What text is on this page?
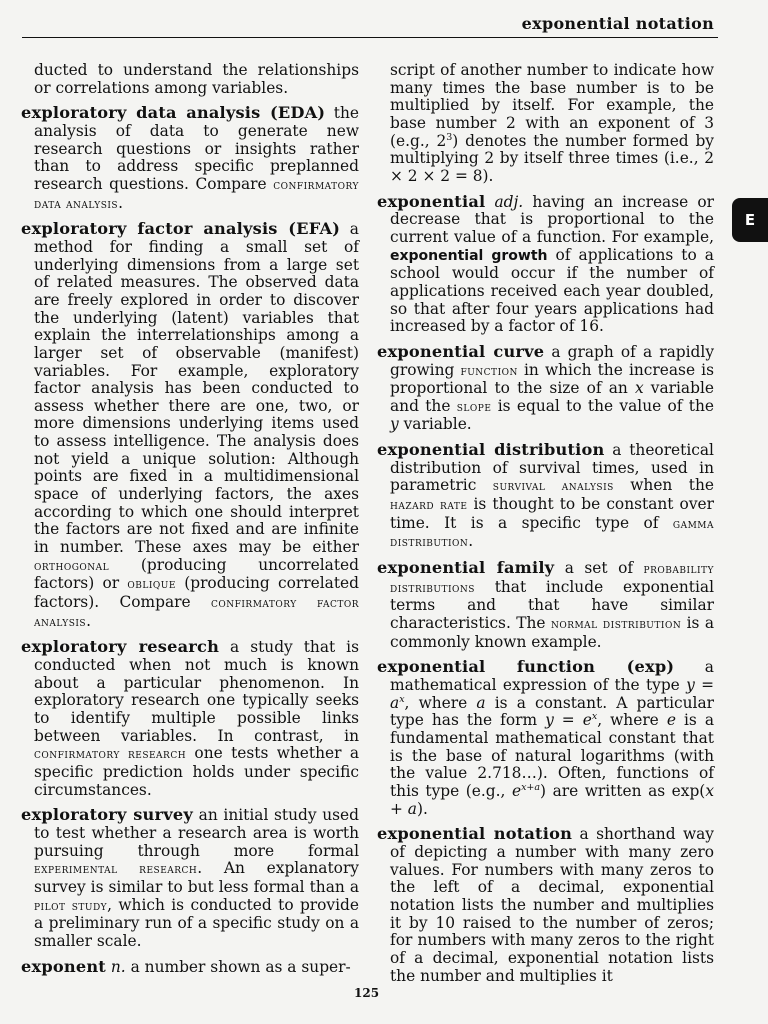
exponential notation
E

ducted to understand the relationships or correlations among variables.

exploratory data analysis (EDA) the analysis of data to generate new research questions or insights rather than to address specific preplanned research questions. Compare confirmatory data analysis.

exploratory factor analysis (EFA) a method for finding a small set of underlying dimensions from a large set of related measures. The observed data are freely explored in order to discover the underlying (latent) variables that explain the interrelationships among a larger set of observable (manifest) variables. For example, exploratory factor analysis has been conducted to assess whether there are one, two, or more dimensions underlying items used to assess intelligence. The analysis does not yield a unique solution: Although points are fixed in a multidimensional space of underlying factors, the axes according to which one should interpret the factors are not fixed and are infinite in number. These axes may be either orthogonal (producing uncorrelated factors) or oblique (producing correlated factors). Compare confirmatory factor analysis.

exploratory research a study that is conducted when not much is known about a particular phenomenon. In exploratory research one typically seeks to identify multiple possible links between variables. In contrast, in confirmatory research one tests whether a specific prediction holds under specific circumstances.

exploratory survey an initial study used to test whether a research area is worth pursuing through more formal experimental research. An explanatory survey is similar to but less formal than a pilot study, which is conducted to provide a preliminary run of a specific study on a smaller scale.

exponent n. a number shown as a super-

script of another number to indicate how many times the base number is to be multiplied by itself. For example, the base number 2 with an exponent of 3 (e.g., $2^3$) denotes the number formed by multiplying 2 by itself three times (i.e., 2 × 2 × 2 = 8).

exponential adj. having an increase or decrease that is proportional to the current value of a function. For example, exponential growth of applications to a school would occur if the number of applications received each year doubled, so that after four years applications had increased by a factor of 16.

exponential curve a graph of a rapidly growing function in which the increase is proportional to the size of an x variable and the slope is equal to the value of the y variable.

exponential distribution a theoretical distribution of survival times, used in parametric survival analysis when the hazard rate is thought to be constant over time. It is a specific type of gamma distribution.

exponential family a set of probability distributions that include exponential terms and that have similar characteristics. The normal distribution is a commonly known example.

exponential function (exp) a mathematical expression of the type $y = a^x$, where a is a constant. A particular type has the form $y = e^x$, where e is a fundamental mathematical constant that is the base of natural logarithms (with the value 2.718…). Often, functions of this type (e.g., $e^{x+a}$) are written as exp(x + a).

exponential notation a shorthand way of depicting a number with many zero values. For numbers with many zeros to the left of a decimal, exponential notation lists the number and multiplies it by 10 raised to the number of zeros; for numbers with many zeros to the right of a decimal, exponential notation lists the number and multiplies it

125
